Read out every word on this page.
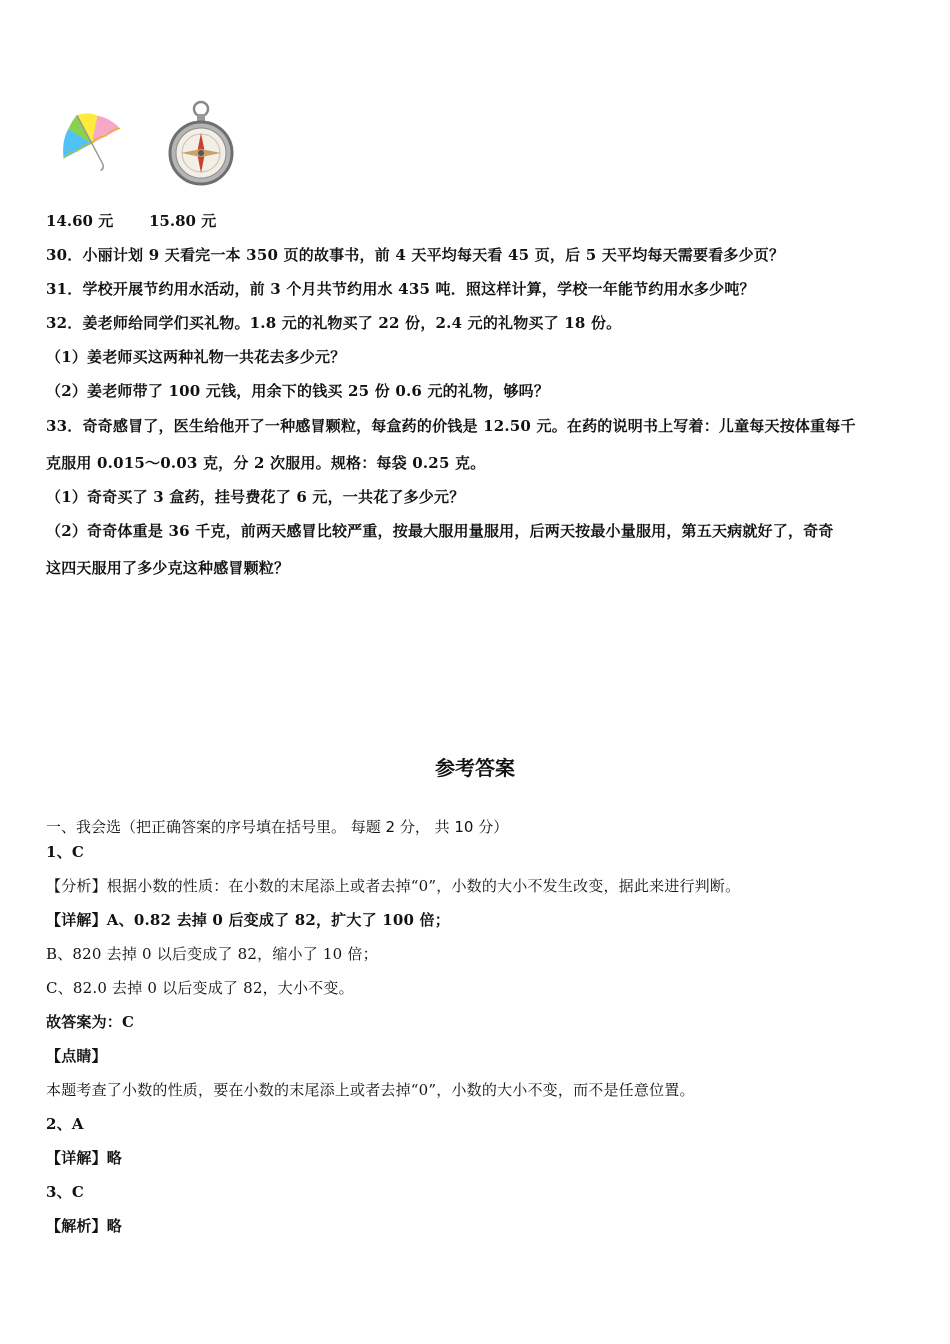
14.60 元 15.80 元
30．小丽计划 9 天看完一本 350 页的故事书，前 4 天平均每天看 45 页，后 5 天平均每天需要看多少页？
31．学校开展节约用水活动，前 3 个月共节约用水 435 吨．照这样计算，学校一年能节约用水多少吨？
32．姜老师给同学们买礼物。1.8 元的礼物买了 22 份，2.4 元的礼物买了 18 份。
（1）姜老师买这两种礼物一共花去多少元？
（2）姜老师带了 100 元钱，用余下的钱买 25 份 0.6 元的礼物，够吗？
33．奇奇感冒了，医生给他开了一种感冒颗粒，每盒药的价钱是 12.50 元。在药的说明书上写着：儿童每天按体重每千
克服用 0.015～0.03 克，分 2 次服用。规格：每袋 0.25 克。
（1）奇奇买了 3 盒药，挂号费花了 6 元，一共花了多少元？
（2）奇奇体重是 36 千克，前两天感冒比较严重，按最大服用量服用，后两天按最小量服用，第五天病就好了，奇奇
这四天服用了多少克这种感冒颗粒？
参考答案
一、我会选（把正确答案的序号填在括号里。 每题 2 分， 共 10 分）
1、C
【分析】根据小数的性质：在小数的末尾添上或者去掉“0”，小数的大小不发生改变，据此来进行判断。
【详解】A、0.82 去掉 0 后变成了 82，扩大了 100 倍；
B、820 去掉 0 以后变成了 82，缩小了 10 倍；
C、82.0 去掉 0 以后变成了 82，大小不变。
故答案为：C
【点睛】
本题考查了小数的性质，要在小数的末尾添上或者去掉“0”，小数的大小不变，而不是任意位置。
2、A
【详解】略
3、C
【解析】略
